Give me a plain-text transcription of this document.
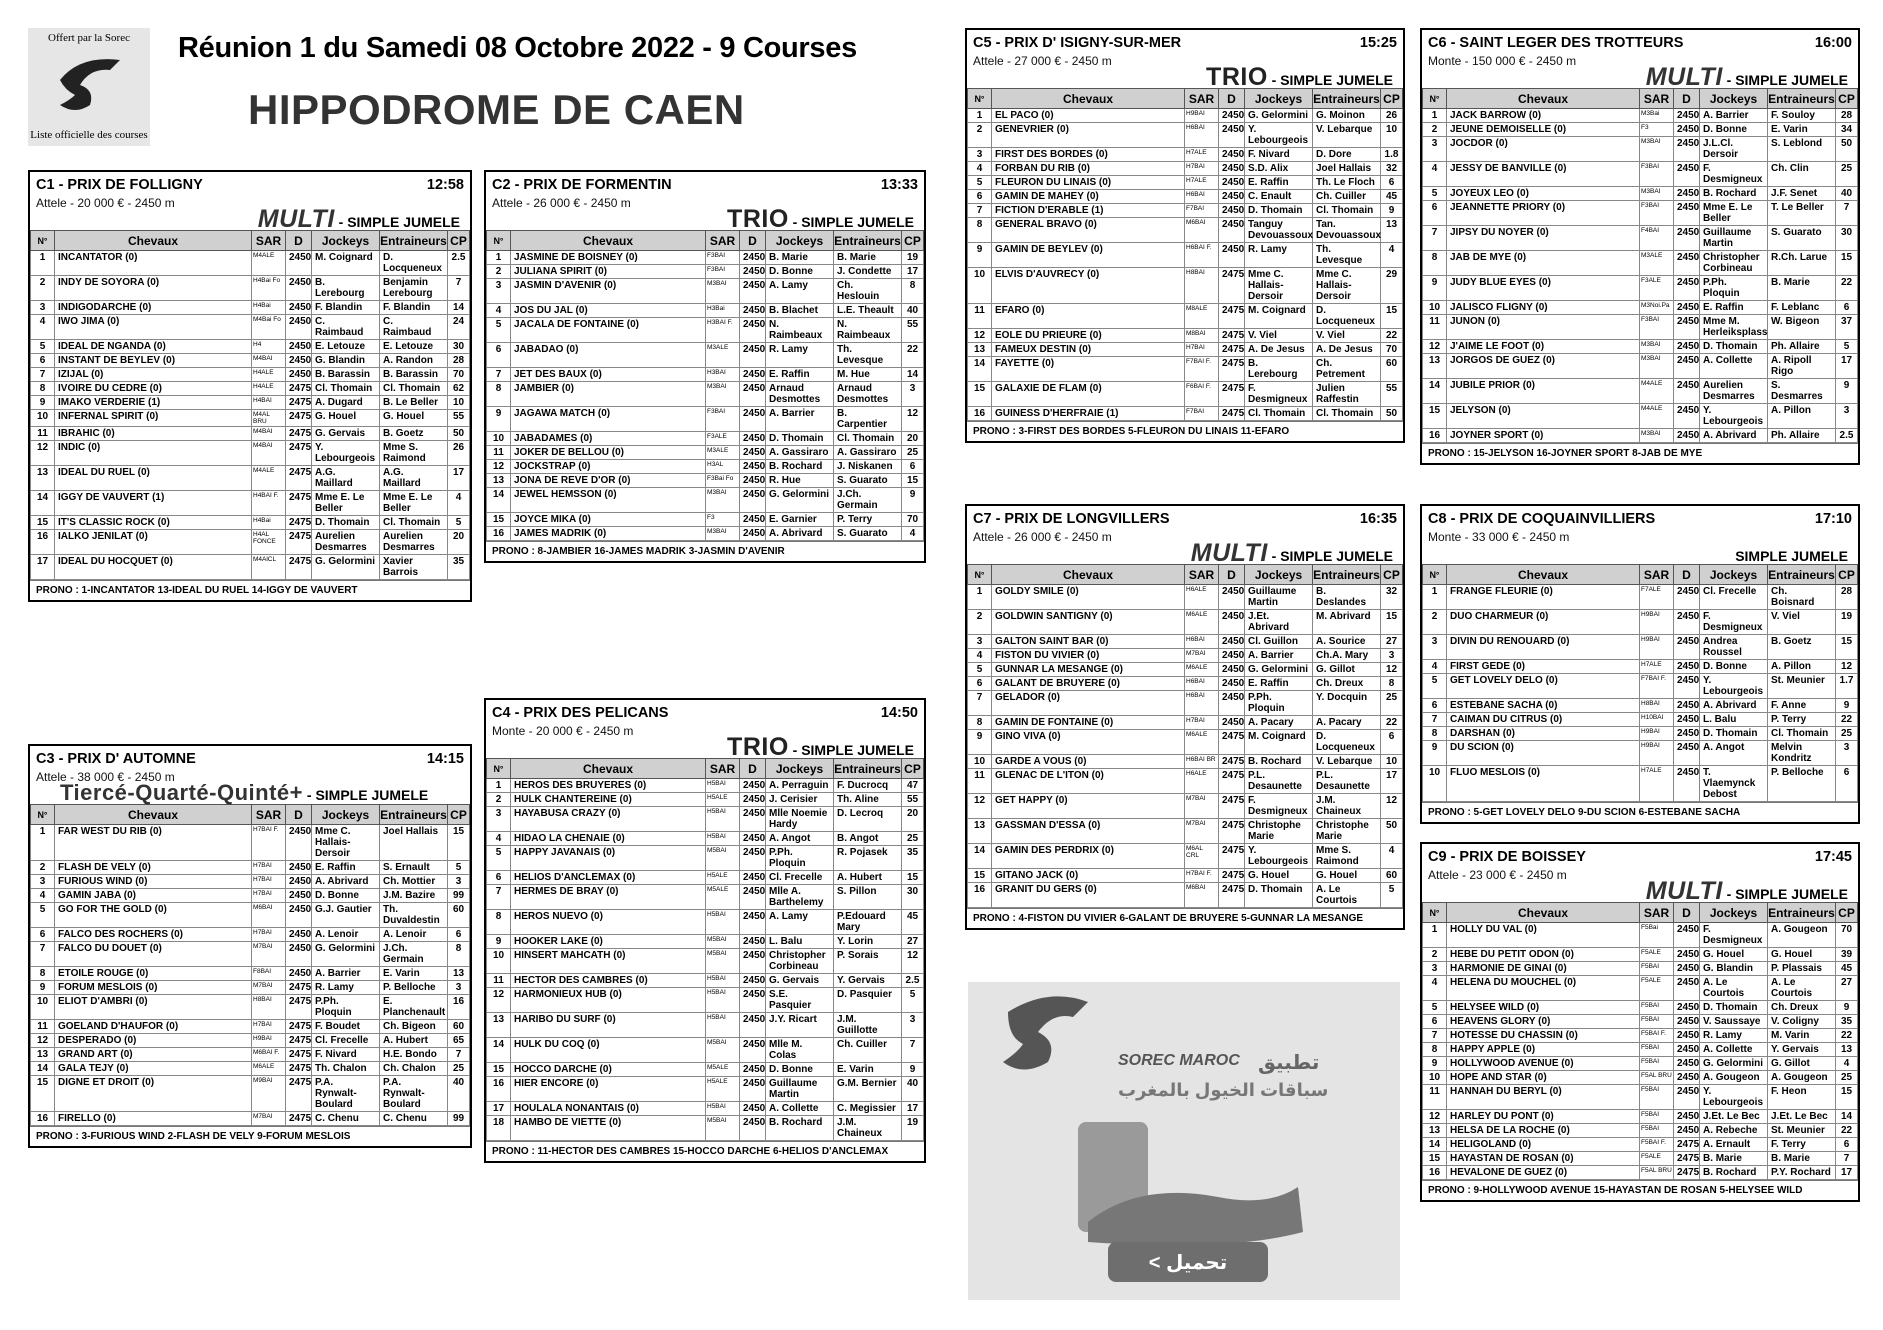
Offert par la Sorec
Liste officielle des courses
Réunion 1 du Samedi 08 Octobre 2022 - 9 Courses
HIPPODROME DE CAEN
C1 - PRIX DE FOLLIGNY	12:58
Attele - 20 000 € - 2450 m
MULTI - SIMPLE JUMELE
N°	Chevaux	SAR	D	Jockeys	Entraineurs	CP
1	INCANTATOR (0)	M4ALE	2450	M. Coignard	D. Locqueneux	2.5
2	INDY DE SOYORA (0)	H4Bai Fo	2450	B. Lerebourg	Benjamin Lerebourg	7
3	INDIGODARCHE (0)	H4Bai	2450	F. Blandin	F. Blandin	14
4	IWO JIMA (0)	M4Bai Fo	2450	C. Raimbaud	C. Raimbaud	24
5	IDEAL DE NGANDA (0)	H4	2450	E. Letouze	E. Letouze	30
6	INSTANT DE BEYLEV (0)	M4BAI	2450	G. Blandin	A. Randon	28
7	IZIJAL (0)	H4ALE	2450	B. Barassin	B. Barassin	70
8	IVOIRE DU CEDRE (0)	H4ALE	2475	Cl. Thomain	Cl. Thomain	62
9	IMAKO VERDERIE (1)	H4BAI	2475	A. Dugard	B. Le Beller	10
10	INFERNAL SPIRIT (0)	M4AL BRU	2475	G. Houel	G. Houel	55
11	IBRAHIC (0)	M4BAI	2475	G. Gervais	B. Goetz	50
12	INDIC (0)	M4BAI	2475	Y. Lebourgeois	Mme S. Raimond	26
13	IDEAL DU RUEL (0)	M4ALE	2475	A.G. Maillard	A.G. Maillard	17
14	IGGY DE VAUVERT (1)	H4BAI F.	2475	Mme E. Le Beller	Mme E. Le Beller	4
15	IT'S CLASSIC ROCK (0)	H4Bai	2475	D. Thomain	Cl. Thomain	5
16	IALKO JENILAT (0)	H4AL FONCE	2475	Aurelien Desmarres	Aurelien Desmarres	20
17	IDEAL DU HOCQUET (0)	M4AlCL	2475	G. Gelormini	Xavier Barrois	35
PRONO : 1-INCANTATOR 13-IDEAL DU RUEL 14-IGGY DE VAUVERT
C2 - PRIX DE FORMENTIN	13:33
Attele - 26 000 € - 2450 m
TRIO - SIMPLE JUMELE
N°	Chevaux	SAR	D	Jockeys	Entraineurs	CP
1	JASMINE DE BOISNEY (0)	F3BAI	2450	B. Marie	B. Marie	19
2	JULIANA SPIRIT (0)	F3BAI	2450	D. Bonne	J. Condette	17
3	JASMIN D'AVENIR (0)	M3BAI	2450	A. Lamy	Ch. Heslouin	8
4	JOS DU JAL (0)	H3Bai	2450	B. Blachet	L.E. Theault	40
5	JACALA DE FONTAINE (0)	H3BAI F.	2450	N. Raimbeaux	N. Raimbeaux	55
6	JABADAO (0)	M3ALE	2450	R. Lamy	Th. Levesque	22
7	JET DES BAUX (0)	H3BAI	2450	E. Raffin	M. Hue	14
8	JAMBIER (0)	M3BAI	2450	Arnaud Desmottes	Arnaud Desmottes	3
9	JAGAWA MATCH (0)	F3BAI	2450	A. Barrier	B. Carpentier	12
10	JABADAMES (0)	F3ALE	2450	D. Thomain	Cl. Thomain	20
11	JOKER DE BELLOU (0)	M3ALE	2450	A. Gassiraro	A. Gassiraro	25
12	JOCKSTRAP (0)	H3AL	2450	B. Rochard	J. Niskanen	6
13	JONA DE REVE D'OR (0)	F3Bai Fo	2450	R. Hue	S. Guarato	15
14	JEWEL HEMSSON (0)	M3BAI	2450	G. Gelormini	J.Ch. Germain	9
15	JOYCE MIKA (0)	F3	2450	E. Garnier	P. Terry	70
16	JAMES MADRIK (0)	M3BAI	2450	A. Abrivard	S. Guarato	4
PRONO : 8-JAMBIER 16-JAMES MADRIK 3-JASMIN D'AVENIR
C3 - PRIX D' AUTOMNE	14:15
Attele - 38 000 € - 2450 m
Tiercé-Quarté-Quinté+ - SIMPLE JUMELE
N°	Chevaux	SAR	D	Jockeys	Entraineurs	CP
1	FAR WEST DU RIB (0)	H7BAI F.	2450	Mme C. Hallais-Dersoir	Joel Hallais	15
2	FLASH DE VELY (0)	H7BAI	2450	E. Raffin	S. Ernault	5
3	FURIOUS WIND (0)	H7BAI	2450	A. Abrivard	Ch. Mottier	3
4	GAMIN JABA (0)	H7BAI	2450	D. Bonne	J.M. Bazire	99
5	GO FOR THE GOLD (0)	M6BAI	2450	G.J. Gautier	Th. Duvaldestin	60
6	FALCO DES ROCHERS (0)	H7BAI	2450	A. Lenoir	A. Lenoir	6
7	FALCO DU DOUET (0)	M7BAI	2450	G. Gelormini	J.Ch. Germain	8
8	ETOILE ROUGE (0)	F8BAI	2450	A. Barrier	E. Varin	13
9	FORUM MESLOIS (0)	M7BAI	2475	R. Lamy	P. Belloche	3
10	ELIOT D'AMBRI (0)	H8BAI	2475	P.Ph. Ploquin	E. Planchenault	16
11	GOELAND D'HAUFOR (0)	H7BAI	2475	F. Boudet	Ch. Bigeon	60
12	DESPERADO (0)	H9BAI	2475	Cl. Frecelle	A. Hubert	65
13	GRAND ART (0)	M6BAI F.	2475	F. Nivard	H.E. Bondo	7
14	GALA TEJY (0)	M6ALE	2475	Th. Chalon	Ch. Chalon	25
15	DIGNE ET DROIT (0)	M9BAI	2475	P.A. Rynwalt-Boulard	P.A. Rynwalt-Boulard	40
16	FIRELLO (0)	M7BAI	2475	C. Chenu	C. Chenu	99
PRONO : 3-FURIOUS WIND 2-FLASH DE VELY 9-FORUM MESLOIS
C4 - PRIX DES PELICANS	14:50
Monte - 20 000 € - 2450 m
TRIO - SIMPLE JUMELE
N°	Chevaux	SAR	D	Jockeys	Entraineurs	CP
1	HEROS DES BRUYERES (0)	H5BAI	2450	A. Perraguin	F. Ducrocq	47
2	HULK CHANTEREINE (0)	H5ALE	2450	J. Cerisier	Th. Aline	55
3	HAYABUSA CRAZY (0)	H5BAI	2450	Mlle Noemie Hardy	D. Lecroq	20
4	HIDAO LA CHENAIE (0)	H5BAI	2450	A. Angot	B. Angot	25
5	HAPPY JAVANAIS (0)	M5BAI	2450	P.Ph. Ploquin	R. Pojasek	35
6	HELIOS D'ANCLEMAX (0)	H5ALE	2450	Cl. Frecelle	A. Hubert	15
7	HERMES DE BRAY (0)	M5ALE	2450	Mlle A. Barthelemy	S. Pillon	30
8	HEROS NUEVO (0)	H5BAI	2450	A. Lamy	P.Edouard Mary	45
9	HOOKER LAKE (0)	M5BAI	2450	L. Balu	Y. Lorin	27
10	HINSERT MAHCATH (0)	M5BAI	2450	Christopher Corbineau	P. Sorais	12
11	HECTOR DES CAMBRES (0)	H5BAI	2450	G. Gervais	Y. Gervais	2.5
12	HARMONIEUX HUB (0)	H5BAI	2450	S.E. Pasquier	D. Pasquier	5
13	HARIBO DU SURF (0)	H5BAI	2450	J.Y. Ricart	J.M. Guillotte	3
14	HULK DU COQ (0)	M5BAI	2450	Mlle M. Colas	Ch. Cuiller	7
15	HOCCO DARCHE (0)	M5ALE	2450	D. Bonne	E. Varin	9
16	HIER ENCORE (0)	H5ALE	2450	Guillaume Martin	G.M. Bernier	40
17	HOULALA NONANTAIS (0)	H5BAI	2450	A. Collette	C. Megissier	17
18	HAMBO DE VIETTE (0)	M5BAI	2450	B. Rochard	J.M. Chaineux	19
PRONO : 11-HECTOR DES CAMBRES 15-HOCCO DARCHE 6-HELIOS D'ANCLEMAX
C5 - PRIX D' ISIGNY-SUR-MER	15:25
Attele - 27 000 € - 2450 m
TRIO - SIMPLE JUMELE
N°	Chevaux	SAR	D	Jockeys	Entraineurs	CP
1	EL PACO (0)	H9BAI	2450	G. Gelormini	G. Moinon	26
2	GENEVRIER (0)	H6BAI	2450	Y. Lebourgeois	V. Lebarque	10
3	FIRST DES BORDES (0)	H7ALE	2450	F. Nivard	D. Dore	1.8
4	FORBAN DU RIB (0)	H7BAI	2450	S.D. Alix	Joel Hallais	32
5	FLEURON DU LINAIS (0)	H7ALE	2450	E. Raffin	Th. Le Floch	6
6	GAMIN DE MAHEY (0)	H6BAI	2450	C. Enault	Ch. Cuiller	45
7	FICTION D'ERABLE (1)	F7BAI	2450	D. Thomain	Cl. Thomain	9
8	GENERAL BRAVO (0)	M6BAI	2450	Tanguy Devouassoux	Tan. Devouassoux	13
9	GAMIN DE BEYLEV (0)	H6BAI F.	2450	R. Lamy	Th. Levesque	4
10	ELVIS D'AUVRECY (0)	H8BAI	2475	Mme C. Hallais-Dersoir	Mme C. Hallais-Dersoir	29
11	EFARO (0)	M8ALE	2475	M. Coignard	D. Locqueneux	15
12	EOLE DU PRIEURE (0)	M8BAI	2475	V. Viel	V. Viel	22
13	FAMEUX DESTIN (0)	H7BAI	2475	A. De Jesus	A. De Jesus	70
14	FAYETTE (0)	F7BAI F.	2475	B. Lerebourg	Ch. Petrement	60
15	GALAXIE DE FLAM (0)	F6BAI F.	2475	F. Desmigneux	Julien Raffestin	55
16	GUINESS D'HERFRAIE (1)	F7BAI	2475	Cl. Thomain	Cl. Thomain	50
PRONO : 3-FIRST DES BORDES 5-FLEURON DU LINAIS 11-EFARO
C6 - SAINT LEGER DES TROTTEURS	16:00
Monte - 150 000 € - 2450 m
MULTI - SIMPLE JUMELE
N°	Chevaux	SAR	D	Jockeys	Entraineurs	CP
1	JACK BARROW (0)	M3Bai	2450	A. Barrier	F. Souloy	28
2	JEUNE DEMOISELLE (0)	F3	2450	D. Bonne	E. Varin	34
3	JOCDOR (0)	M3BAI	2450	J.L.Cl. Dersoir	S. Leblond	50
4	JESSY DE BANVILLE (0)	F3BAI	2450	F. Desmigneux	Ch. Clin	25
5	JOYEUX LEO (0)	M3BAI	2450	B. Rochard	J.F. Senet	40
6	JEANNETTE PRIORY (0)	F3BAI	2450	Mme E. Le Beller	T. Le Beller	7
7	JIPSY DU NOYER (0)	F4BAI	2450	Guillaume Martin	S. Guarato	30
8	JAB DE MYE (0)	M3ALE	2450	Christopher Corbineau	R.Ch. Larue	15
9	JUDY BLUE EYES (0)	F3ALE	2450	P.Ph. Ploquin	B. Marie	22
10	JALISCO FLIGNY (0)	M3Noi.Pa	2450	E. Raffin	F. Leblanc	6
11	JUNON (0)	F3BAI	2450	Mme M. Herleiksplass	W. Bigeon	37
12	J'AIME LE FOOT (0)	M3BAI	2450	D. Thomain	Ph. Allaire	5
13	JORGOS DE GUEZ (0)	M3BAI	2450	A. Collette	A. Ripoll Rigo	17
14	JUBILE PRIOR (0)	M4ALE	2450	Aurelien Desmarres	S. Desmarres	9
15	JELYSON (0)	M4ALE	2450	Y. Lebourgeois	A. Pillon	3
16	JOYNER SPORT (0)	M3BAI	2450	A. Abrivard	Ph. Allaire	2.5
PRONO : 15-JELYSON 16-JOYNER SPORT 8-JAB DE MYE
C7 - PRIX DE LONGVILLERS	16:35
Attele - 26 000 € - 2450 m
MULTI - SIMPLE JUMELE
N°	Chevaux	SAR	D	Jockeys	Entraineurs	CP
1	GOLDY SMILE (0)	H6ALE	2450	Guillaume Martin	B. Deslandes	32
2	GOLDWIN SANTIGNY (0)	M6ALE	2450	J.Et. Abrivard	M. Abrivard	15
3	GALTON SAINT BAR (0)	H6BAI	2450	Cl. Guillon	A. Sourice	27
4	FISTON DU VIVIER (0)	M7BAI	2450	A. Barrier	Ch.A. Mary	3
5	GUNNAR LA MESANGE (0)	M6ALE	2450	G. Gelormini	G. Gillot	12
6	GALANT DE BRUYERE (0)	H6BAI	2450	E. Raffin	Ch. Dreux	8
7	GELADOR (0)	H6BAI	2450	P.Ph. Ploquin	Y. Docquin	25
8	GAMIN DE FONTAINE (0)	H7BAI	2450	A. Pacary	A. Pacary	22
9	GINO VIVA (0)	M6ALE	2475	M. Coignard	D. Locqueneux	6
10	GARDE A VOUS (0)	H6BAI BR	2475	B. Rochard	V. Lebarque	10
11	GLENAC DE L'ITON (0)	H6ALE	2475	P.L. Desaunette	P.L. Desaunette	17
12	GET HAPPY (0)	M7BAI	2475	F. Desmigneux	J.M. Chaineux	12
13	GASSMAN D'ESSA (0)	M7BAI	2475	Christophe Marie	Christophe Marie	50
14	GAMIN DES PERDRIX (0)	M6AL CRL	2475	Y. Lebourgeois	Mme S. Raimond	4
15	GITANO JACK (0)	H7BAI F.	2475	G. Houel	G. Houel	60
16	GRANIT DU GERS (0)	M6BAI	2475	D. Thomain	A. Le Courtois	5
PRONO : 4-FISTON DU VIVIER 6-GALANT DE BRUYERE 5-GUNNAR LA MESANGE
C8 - PRIX DE COQUAINVILLIERS	17:10
Monte - 33 000 € - 2450 m
SIMPLE JUMELE
N°	Chevaux	SAR	D	Jockeys	Entraineurs	CP
1	FRANGE FLEURIE (0)	F7ALE	2450	Cl. Frecelle	Ch. Boisnard	28
2	DUO CHARMEUR (0)	H9BAI	2450	F. Desmigneux	V. Viel	19
3	DIVIN DU RENOUARD (0)	H9BAI	2450	Andrea Roussel	B. Goetz	15
4	FIRST GEDE (0)	H7ALE	2450	D. Bonne	A. Pillon	12
5	GET LOVELY DELO (0)	F7BAI F.	2450	Y. Lebourgeois	St. Meunier	1.7
6	ESTEBANE SACHA (0)	H8BAI	2450	A. Abrivard	F. Anne	9
7	CAIMAN DU CITRUS (0)	H10BAI	2450	L. Balu	P. Terry	22
8	DARSHAN (0)	H9BAI	2450	D. Thomain	Cl. Thomain	25
9	DU SCION (0)	H9BAI	2450	A. Angot	Melvin Kondritz	3
10	FLUO MESLOIS (0)	H7ALE	2450	T. Vlaemynck Debost	P. Belloche	6
PRONO : 5-GET LOVELY DELO 9-DU SCION 6-ESTEBANE SACHA
C9 - PRIX DE BOISSEY	17:45
Attele - 23 000 € - 2450 m
MULTI - SIMPLE JUMELE
N°	Chevaux	SAR	D	Jockeys	Entraineurs	CP
1	HOLLY DU VAL (0)	F5Bai	2450	F. Desmigneux	A. Gougeon	70
2	HEBE DU PETIT ODON (0)	F5ALE	2450	G. Houel	G. Houel	39
3	HARMONIE DE GINAI (0)	F5BAI	2450	G. Blandin	P. Plassais	45
4	HELENA DU MOUCHEL (0)	F5ALE	2450	A. Le Courtois	A. Le Courtois	27
5	HELYSEE WILD (0)	F5BAI	2450	D. Thomain	Ch. Dreux	9
6	HEAVENS GLORY (0)	F5BAI	2450	V. Saussaye	V. Coligny	35
7	HOTESSE DU CHASSIN (0)	F5BAI F.	2450	R. Lamy	M. Varin	22
8	HAPPY APPLE (0)	F5BAI	2450	A. Collette	Y. Gervais	13
9	HOLLYWOOD AVENUE (0)	F5BAI	2450	G. Gelormini	G. Gillot	4
10	HOPE AND STAR (0)	F5AL BRU	2450	A. Gougeon	A. Gougeon	25
11	HANNAH DU BERYL (0)	F5BAI	2450	Y. Lebourgeois	F. Heon	15
12	HARLEY DU PONT (0)	F5BAI	2450	J.Et. Le Bec	J.Et. Le Bec	14
13	HELSA DE LA ROCHE (0)	F5BAI	2450	A. Rebeche	St. Meunier	22
14	HELIGOLAND (0)	F5BAI F.	2475	A. Ernault	F. Terry	6
15	HAYASTAN DE ROSAN (0)	F5ALE	2475	B. Marie	B. Marie	7
16	HEVALONE DE GUEZ (0)	F5AL BRU	2475	B. Rochard	P.Y. Rochard	17
PRONO : 9-HOLLYWOOD AVENUE 15-HAYASTAN DE ROSAN 5-HELYSEE WILD
SOREC MAROC تطبيق
سباقات الخيول بالمغرب
< تحميل
